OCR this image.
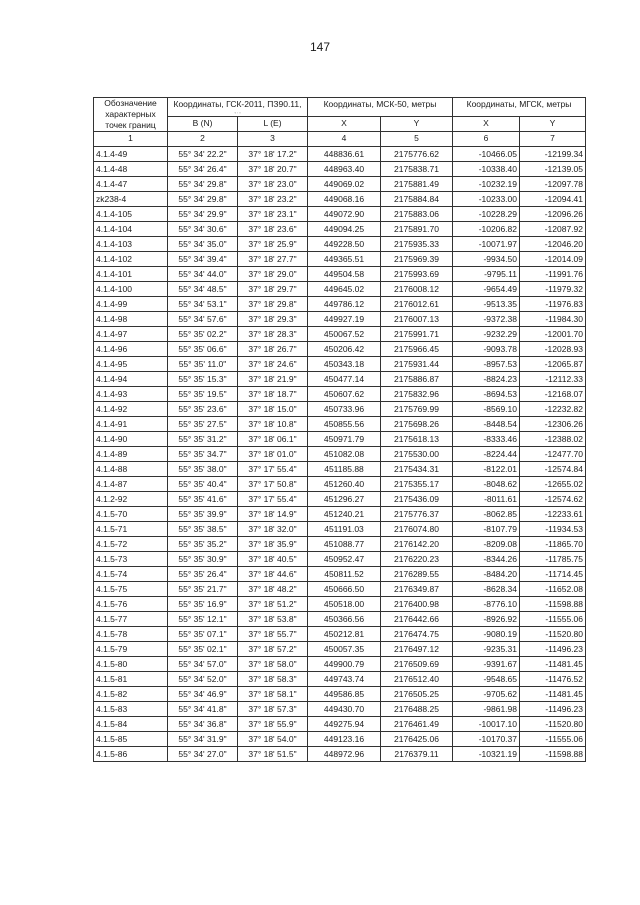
147
Обозначение характерных точек границ	Координаты, ГСК-2011, ПЗ90.11,
° ' "		Координаты, МСК-50, метры		Координаты, МГСК, метры	
	B (N)	L (E)	X	Y	X	Y
1	2	3	4	5	6	7
4.1.4-49	55° 34' 22.2"	37° 18' 17.2"	448836.61	2175776.62	-10466.05	-12199.34
4.1.4-48	55° 34' 26.4"	37° 18' 20.7"	448963.40	2175838.71	-10338.40	-12139.05
4.1.4-47	55° 34' 29.8"	37° 18' 23.0"	449069.02	2175881.49	-10232.19	-12097.78
zk238-4	55° 34' 29.8"	37° 18' 23.2"	449068.16	2175884.84	-10233.00	-12094.41
4.1.4-105	55° 34' 29.9"	37° 18' 23.1"	449072.90	2175883.06	-10228.29	-12096.26
4.1.4-104	55° 34' 30.6"	37° 18' 23.6"	449094.25	2175891.70	-10206.82	-12087.92
4.1.4-103	55° 34' 35.0"	37° 18' 25.9"	449228.50	2175935.33	-10071.97	-12046.20
4.1.4-102	55° 34' 39.4"	37° 18' 27.7"	449365.51	2175969.39	-9934.50	-12014.09
4.1.4-101	55° 34' 44.0"	37° 18' 29.0"	449504.58	2175993.69	-9795.11	-11991.76
4.1.4-100	55° 34' 48.5"	37° 18' 29.7"	449645.02	2176008.12	-9654.49	-11979.32
4.1.4-99	55° 34' 53.1"	37° 18' 29.8"	449786.12	2176012.61	-9513.35	-11976.83
4.1.4-98	55° 34' 57.6"	37° 18' 29.3"	449927.19	2176007.13	-9372.38	-11984.30
4.1.4-97	55° 35' 02.2"	37° 18' 28.3"	450067.52	2175991.71	-9232.29	-12001.70
4.1.4-96	55° 35' 06.6"	37° 18' 26.7"	450206.42	2175966.45	-9093.78	-12028.93
4.1.4-95	55° 35' 11.0"	37° 18' 24.6"	450343.18	2175931.44	-8957.53	-12065.87
4.1.4-94	55° 35' 15.3"	37° 18' 21.9"	450477.14	2175886.87	-8824.23	-12112.33
4.1.4-93	55° 35' 19.5"	37° 18' 18.7"	450607.62	2175832.96	-8694.53	-12168.07
4.1.4-92	55° 35' 23.6"	37° 18' 15.0"	450733.96	2175769.99	-8569.10	-12232.82
4.1.4-91	55° 35' 27.5"	37° 18' 10.8"	450855.56	2175698.26	-8448.54	-12306.26
4.1.4-90	55° 35' 31.2"	37° 18' 06.1"	450971.79	2175618.13	-8333.46	-12388.02
4.1.4-89	55° 35' 34.7"	37° 18' 01.0"	451082.08	2175530.00	-8224.44	-12477.70
4.1.4-88	55° 35' 38.0"	37° 17' 55.4"	451185.88	2175434.31	-8122.01	-12574.84
4.1.4-87	55° 35' 40.4"	37° 17' 50.8"	451260.40	2175355.17	-8048.62	-12655.02
4.1.2-92	55° 35' 41.6"	37° 17' 55.4"	451296.27	2175436.09	-8011.61	-12574.62
4.1.5-70	55° 35' 39.9"	37° 18' 14.9"	451240.21	2175776.37	-8062.85	-12233.61
4.1.5-71	55° 35' 38.5"	37° 18' 32.0"	451191.03	2176074.80	-8107.79	-11934.53
4.1.5-72	55° 35' 35.2"	37° 18' 35.9"	451088.77	2176142.20	-8209.08	-11865.70
4.1.5-73	55° 35' 30.9"	37° 18' 40.5"	450952.47	2176220.23	-8344.26	-11785.75
4.1.5-74	55° 35' 26.4"	37° 18' 44.6"	450811.52	2176289.55	-8484.20	-11714.45
4.1.5-75	55° 35' 21.7"	37° 18' 48.2"	450666.50	2176349.87	-8628.34	-11652.08
4.1.5-76	55° 35' 16.9"	37° 18' 51.2"	450518.00	2176400.98	-8776.10	-11598.88
4.1.5-77	55° 35' 12.1"	37° 18' 53.8"	450366.56	2176442.66	-8926.92	-11555.06
4.1.5-78	55° 35' 07.1"	37° 18' 55.7"	450212.81	2176474.75	-9080.19	-11520.80
4.1.5-79	55° 35' 02.1"	37° 18' 57.2"	450057.35	2176497.12	-9235.31	-11496.23
4.1.5-80	55° 34' 57.0"	37° 18' 58.0"	449900.79	2176509.69	-9391.67	-11481.45
4.1.5-81	55° 34' 52.0"	37° 18' 58.3"	449743.74	2176512.40	-9548.65	-11476.52
4.1.5-82	55° 34' 46.9"	37° 18' 58.1"	449586.85	2176505.25	-9705.62	-11481.45
4.1.5-83	55° 34' 41.8"	37° 18' 57.3"	449430.70	2176488.25	-9861.98	-11496.23
4.1.5-84	55° 34' 36.8"	37° 18' 55.9"	449275.94	2176461.49	-10017.10	-11520.80
4.1.5-85	55° 34' 31.9"	37° 18' 54.0"	449123.16	2176425.06	-10170.37	-11555.06
4.1.5-86	55° 34' 27.0"	37° 18' 51.5"	448972.96	2176379.11	-10321.19	-11598.88
